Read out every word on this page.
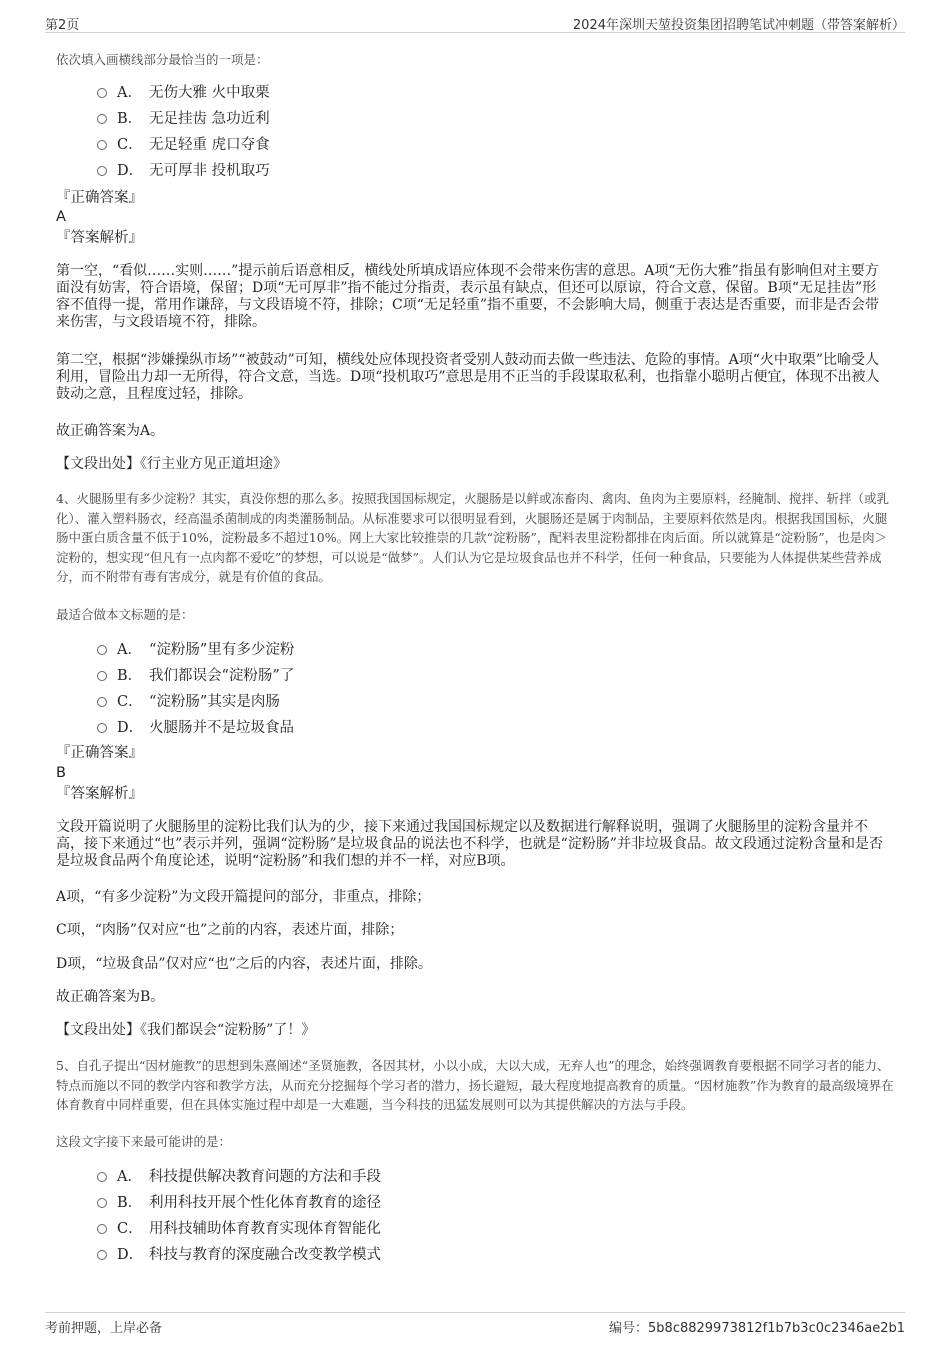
第2页	2024年深圳天堃投资集团招聘笔试冲刺题（带答案解析）
依次填入画横线部分最恰当的一项是：
A． 无伤大雅 火中取栗
B． 无足挂齿 急功近利
C． 无足轻重 虎口夺食
D． 无可厚非 投机取巧
『正确答案』
A
『答案解析』
第一空，“看似……实则……”提示前后语意相反，横线处所填成语应体现不会带来伤害的意思。A项“无伤大雅”指虽有影响但对主要方面没有妨害，符合语境，保留；D项“无可厚非”指不能过分指责，表示虽有缺点，但还可以原谅，符合文意，保留。B项“无足挂齿”形容不值得一提，常用作谦辞，与文段语境不符，排除；C项“无足轻重”指不重要，不会影响大局，侧重于表达是否重要，而非是否会带来伤害，与文段语境不符，排除。
第二空，根据“涉嫌操纵市场”“被鼓动”可知，横线处应体现投资者受别人鼓动而去做一些违法、危险的事情。A项“火中取栗”比喻受人利用，冒险出力却一无所得，符合文意，当选。D项“投机取巧”意思是用不正当的手段谋取私利，也指靠小聪明占便宜，体现不出被人鼓动之意，且程度过轻，排除。
故正确答案为A。
【文段出处】《行主业方见正道坦途》
4、火腿肠里有多少淀粉？其实，真没你想的那么多。按照我国国标规定，火腿肠是以鲜或冻畜肉、禽肉、鱼肉为主要原料，经腌制、搅拌、斩拌（或乳化）、灌入塑料肠衣，经高温杀菌制成的肉类灌肠制品。从标准要求可以很明显看到，火腿肠还是属于肉制品，主要原料依然是肉。根据我国国标，火腿肠中蛋白质含量不低于10%，淀粉最多不超过10%。网上大家比较推崇的几款“淀粉肠”，配料表里淀粉都排在肉后面。所以就算是“淀粉肠”，也是肉＞淀粉的，想实现“但凡有一点肉都不爱吃”的梦想，可以说是“做梦”。人们认为它是垃圾食品也并不科学，任何一种食品，只要能为人体提供某些营养成分，而不附带有毒有害成分，就是有价值的食品。
最适合做本文标题的是：
A． “淀粉肠”里有多少淀粉
B． 我们都误会“淀粉肠”了
C． “淀粉肠”其实是肉肠
D． 火腿肠并不是垃圾食品
『正确答案』
B
『答案解析』
文段开篇说明了火腿肠里的淀粉比我们认为的少，接下来通过我国国标规定以及数据进行解释说明，强调了火腿肠里的淀粉含量并不高，接下来通过“也”表示并列，强调“淀粉肠”是垃圾食品的说法也不科学，也就是“淀粉肠”并非垃圾食品。故文段通过淀粉含量和是否是垃圾食品两个角度论述，说明“淀粉肠”和我们想的并不一样，对应B项。
A项，“有多少淀粉”为文段开篇提问的部分，非重点，排除；
C项，“肉肠”仅对应“也”之前的内容，表述片面，排除；
D项，“垃圾食品”仅对应“也”之后的内容，表述片面，排除。
故正确答案为B。
【文段出处】《我们都误会“淀粉肠”了！》
5、自孔子提出“因材施教”的思想到朱熹阐述“圣贤施教，各因其材，小以小成，大以大成，无弃人也”的理念，始终强调教育要根据不同学习者的能力、特点而施以不同的教学内容和教学方法，从而充分挖掘每个学习者的潜力，扬长避短，最大程度地提高教育的质量。“因材施教”作为教育的最高级境界在体育教育中同样重要，但在具体实施过程中却是一大难题，当今科技的迅猛发展则可以为其提供解决的方法与手段。
这段文字接下来最可能讲的是：
A． 科技提供解决教育问题的方法和手段
B． 利用科技开展个性化体育教育的途径
C． 用科技辅助体育教育实现体育智能化
D． 科技与教育的深度融合改变教学模式
考前押题，上岸必备	编号：5b8c8829973812f1b7b3c0c2346ae2b1
